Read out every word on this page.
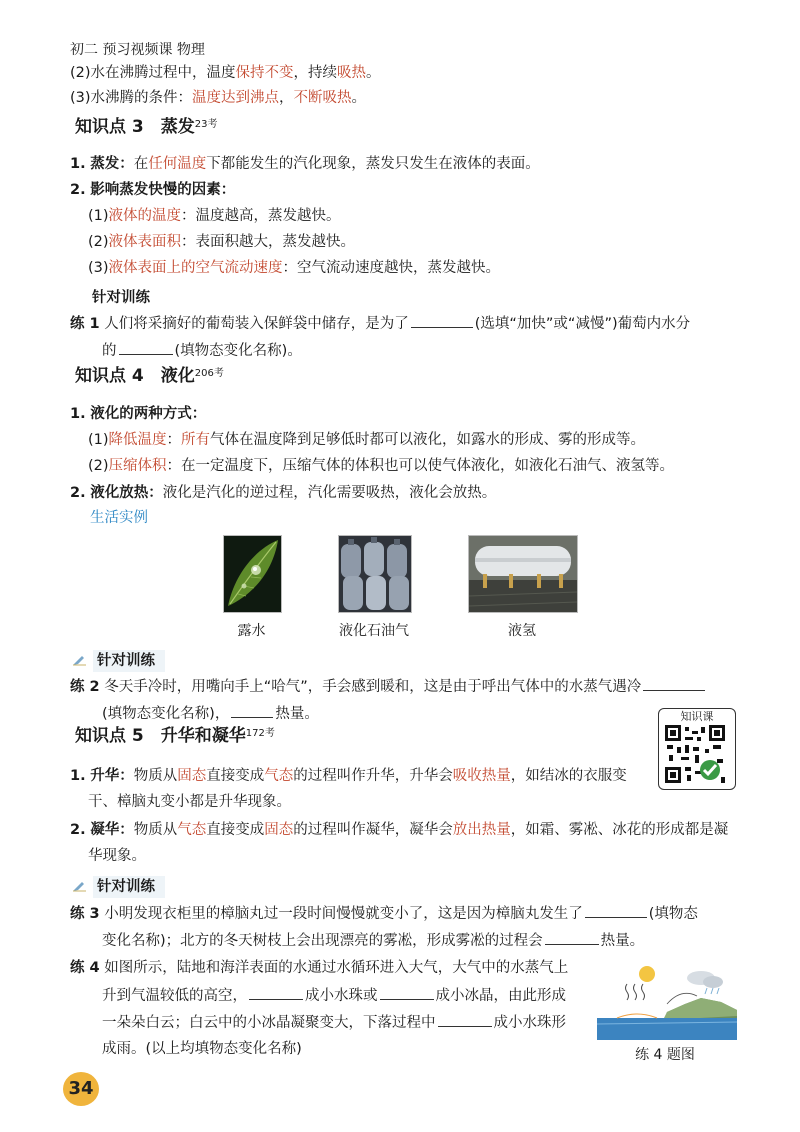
初二 预习视频课 物理
(2)水在沸腾过程中，温度保持不变，持续吸热。
(3)水沸腾的条件：温度达到沸点，不断吸热。
知识点 3　蒸发$^{23考}$
1. 蒸发：在任何温度下都能发生的汽化现象，蒸发只发生在液体的表面。
2. 影响蒸发快慢的因素：
(1)液体的温度：温度越高，蒸发越快。
(2)液体表面积：表面积越大，蒸发越快。
(3)液体表面上的空气流动速度：空气流动速度越快，蒸发越快。
针对训练
练 1 人们将采摘好的葡萄装入保鲜袋中储存，是为了	(选填“加快”或“减慢”)葡萄内水分
的	(填物态变化名称)。
知识点 4　液化$^{206考}$
1. 液化的两种方式：
(1)降低温度：所有气体在温度降到足够低时都可以液化，如露水的形成、雾的形成等。
(2)压缩体积：在一定温度下，压缩气体的体积也可以使气体液化，如液化石油气、液氢等。
2. 液化放热：液化是汽化的逆过程，汽化需要吸热，液化会放热。
生活实例
露水	液化石油气	液氢
针对训练
练 2 冬天手冷时，用嘴向手上“哈气”，手会感到暖和，这是由于呼出气体中的水蒸气遇冷
(填物态变化名称)，	热量。	知识课
知识点 5　升华和凝华$^{172考}$
1. 升华：物质从固态直接变成气态的过程叫作升华，升华会吸收热量，如结冰的衣服变
干、樟脑丸变小都是升华现象。
2. 凝华：物质从气态直接变成固态的过程叫作凝华，凝华会放出热量，如霜、雾凇、冰花的形成都是凝
华现象。
针对训练
练 3 小明发现衣柜里的樟脑丸过一段时间慢慢就变小了，这是因为樟脑丸发生了	(填物态
变化名称)；北方的冬天树枝上会出现漂亮的雾凇，形成雾凇的过程会	热量。
练 4 如图所示，陆地和海洋表面的水通过水循环进入大气，大气中的水蒸气上
升到气温较低的高空，	成小水珠或	成小冰晶，由此形成
一朵朵白云；白云中的小冰晶凝聚变大，下落过程中	成小水珠形
成雨。(以上均填物态变化名称)	练 4 题图
34
